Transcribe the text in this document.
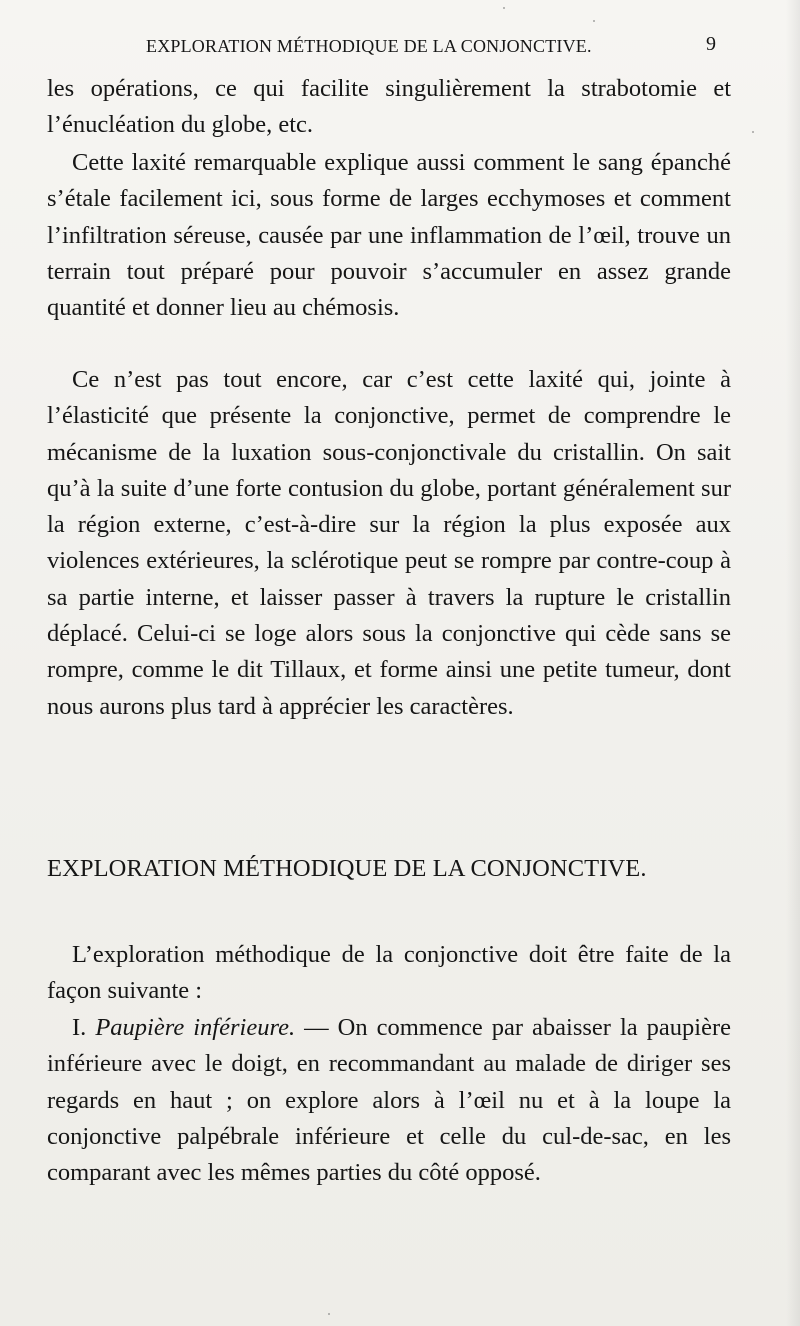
EXPLORATION MÉTHODIQUE DE LA CONJONCTIVE.	9
les opérations, ce qui facilite singulièrement la strabotomie et l’énucléation du globe, etc.
Cette laxité remarquable explique aussi comment le sang épanché s’étale facilement ici, sous forme de larges ecchymoses et comment l’infiltration séreuse, causée par une inflammation de l’œil, trouve un terrain tout préparé pour pouvoir s’accumuler en assez grande quantité et donner lieu au chémosis.
Ce n’est pas tout encore, car c’est cette laxité qui, jointe à l’élasticité que présente la conjonctive, permet de comprendre le mécanisme de la luxation sous-conjonctivale du cristallin. On sait qu’à la suite d’une forte contusion du globe, portant généralement sur la région externe, c’est-à-dire sur la région la plus exposée aux violences extérieures, la sclérotique peut se rompre par contre-coup à sa partie interne, et laisser passer à travers la rupture le cristallin déplacé. Celui-ci se loge alors sous la conjonctive qui cède sans se rompre, comme le dit Tillaux, et forme ainsi une petite tumeur, dont nous aurons plus tard à apprécier les caractères.
EXPLORATION MÉTHODIQUE DE LA CONJONCTIVE.
L’exploration méthodique de la conjonctive doit être faite de la façon suivante :
I. Paupière inférieure. — On commence par abaisser la paupière inférieure avec le doigt, en recommandant au malade de diriger ses regards en haut ; on explore alors à l’œil nu et à la loupe la conjonctive palpébrale inférieure et celle du cul-de-sac, en les comparant avec les mêmes parties du côté opposé.
